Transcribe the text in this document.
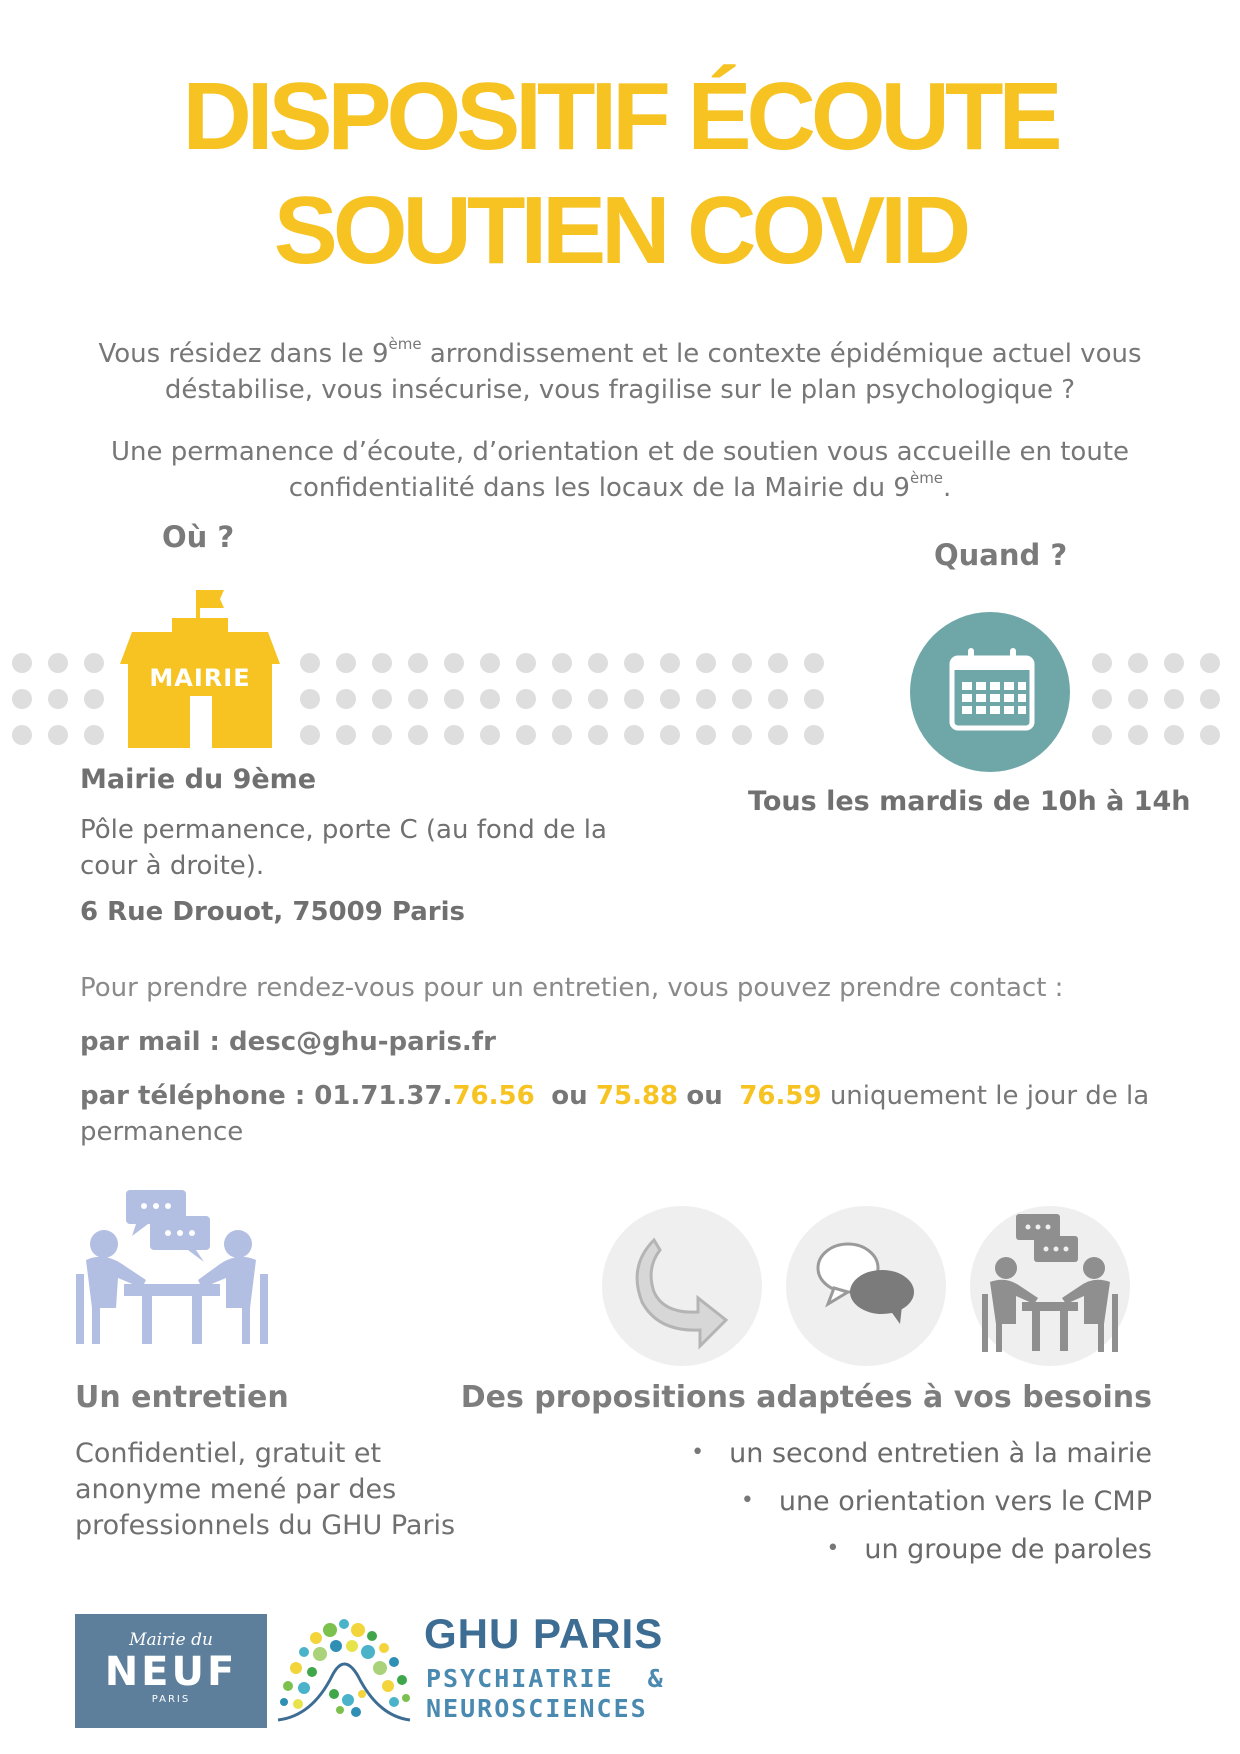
DISPOSITIF ÉCOUTE
SOUTIEN COVID

Vous résidez dans le 9ème arrondissement et le contexte épidémique actuel vous déstabilise, vous insécurise, vous fragilise sur le plan psychologique ?

Une permanence d’écoute, d’orientation et de soutien vous accueille en toute confidentialité dans les locaux de la Mairie du 9ème.

Où ?
Quand ?
MAIRIE
Mairie du 9ème
Pôle permanence, porte C (au fond de la cour à droite).
6 Rue Drouot, 75009 Paris
Tous les mardis de 10h à 14h
Pour prendre rendez-vous pour un entretien, vous pouvez prendre contact :
par mail : desc@ghu-paris.fr
par téléphone : 01.71.37.76.56 ou 75.88 ou 76.59 uniquement le jour de la permanence
Un entretien
Confidentiel, gratuit et anonyme mené par des professionnels du GHU Paris
Des propositions adaptées à vos besoins
• un second entretien à la mairie
• une orientation vers le CMP
• un groupe de paroles
Mairie du
NEUF
PARIS
GHU PARIS
PSYCHIATRIE  &
NEUROSCIENCES
